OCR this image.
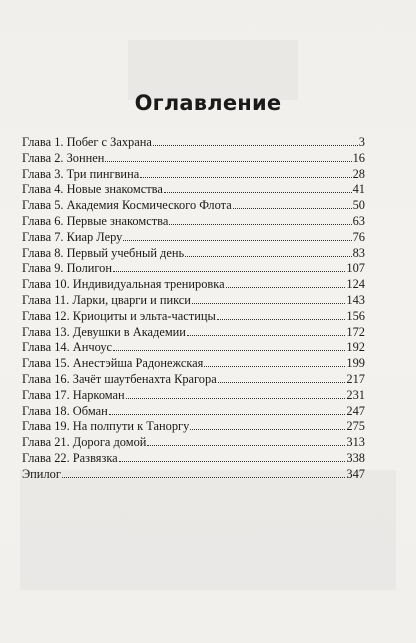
Оглавление
Глава 1. Побег с Захрана	3
Глава 2. Зоннен	16
Глава 3. Три пингвина	28
Глава 4. Новые знакомства	41
Глава 5. Академия Космического Флота	50
Глава 6. Первые знакомства	63
Глава 7. Киар Леру	76
Глава 8. Первый учебный день	83
Глава 9. Полигон	107
Глава 10. Индивидуальная тренировка	124
Глава 11. Ларки, цварги и пикси	143
Глава 12. Криоциты и эльта-частицы	156
Глава 13. Девушки в Академии	172
Глава 14. Анчоус	192
Глава 15. Анестэйша Радонежская	199
Глава 16. Зачёт шаутбенахта Крагора	217
Глава 17. Наркоман	231
Глава 18. Обман	247
Глава 19. На полпути к Таноргу	275
Глава 21. Дорога домой	313
Глава 22. Развязка	338
Эпилог	347
